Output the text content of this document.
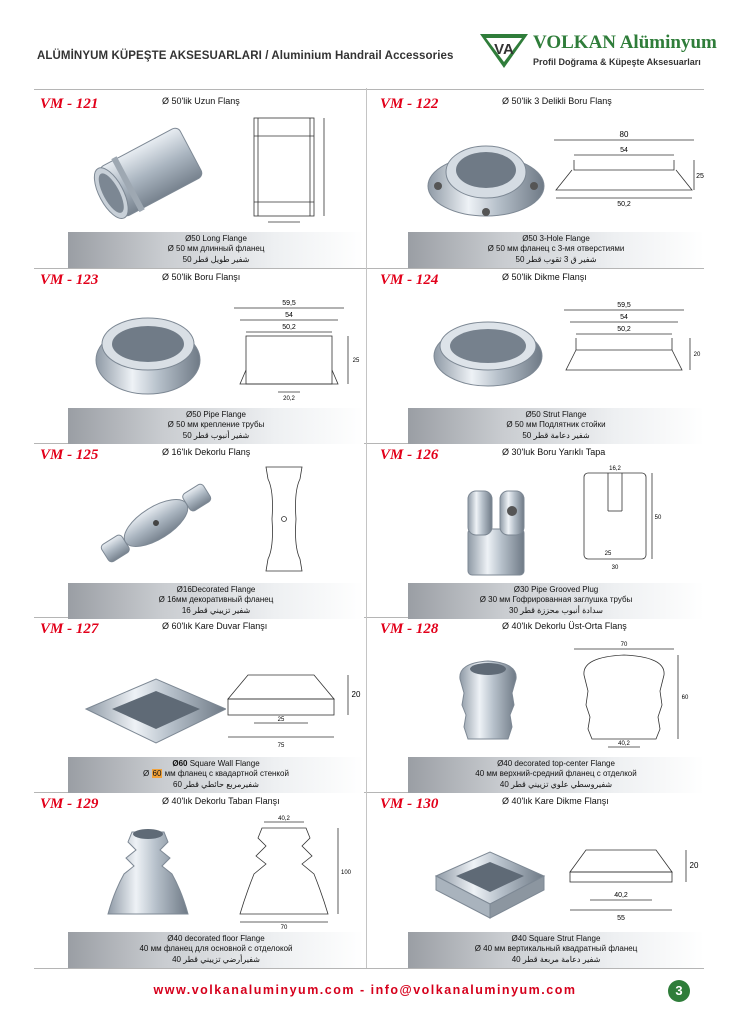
ALÜMİNYUM KÜPEŞTE AKSESUARLARI / Aluminium Handrail Accessories	VA VOLKAN Alüminyum
Profil Doğrama & Küpeşte Aksesuarları
VM - 121	Ø 50'lik Uzun Flanş
Ø50 Long Flange
Ø 50 мм длинный фланец
شفير طويل قطر 50
VM - 122	Ø 50'lik 3 Delikli Boru Flanş
80
54
25
50,2
Ø50 3-Hole Flange
Ø 50 мм фланец с 3-мя отверстиями
شفير ق 3 ثقوب قطر 50
VM - 123	Ø 50'lik Boru Flanşı
59,5
54
50,2
25
20,2
Ø50 Pipe Flange
Ø 50 мм крепление трубы
شفير أنبوب قطر 50
VM - 124	Ø 50'lik Dikme Flanşı
59,5
54
50,2
20
Ø50 Strut Flange
Ø 50 мм Подлятник стойки
شفير دعامة قطر 50
VM - 125	Ø 16'lık Dekorlu Flanş
Ø16Decorated Flange
Ø 16мм декоративный фланец
شفير تزييني قطر 16
VM - 126	Ø 30'luk Boru Yarıklı Tapa
16,2
50
25
30
Ø30 Pipe Grooved Plug
Ø 30 мм Гофрированная заглушка трубы
سدادة أنبوب محززة قطر 30
VM - 127	Ø 60'lık Kare Duvar Flanşı
20
25
75
Ø60 Square Wall Flange
Ø 60 мм фланец с квадартной стенкой
شفيرمربع حائطي قطر 60
VM - 128	Ø 40'lık Dekorlu Üst-Orta Flanş
70
60
40,2
Ø40 decorated top-center Flange
40 мм верхний-средний фланец с отделкой
شفيروسطي علوي تزييني قطر 40
VM - 129	Ø 40'lık Dekorlu Taban Flanşı
40,2
100
70
Ø40 decorated floor Flange
40 мм фланец для основной с отделокой
شفيرأرضي تزييني قطر 40
VM - 130	Ø 40'lık Kare Dikme Flanşı
20
40,2
55
Ø40 Square Strut Flange
Ø 40 мм вертикальный квадратный фланец
شفير دعامة مربعة قطر 40
www.volkanaluminyum.com - info@volkanaluminyum.com	3
